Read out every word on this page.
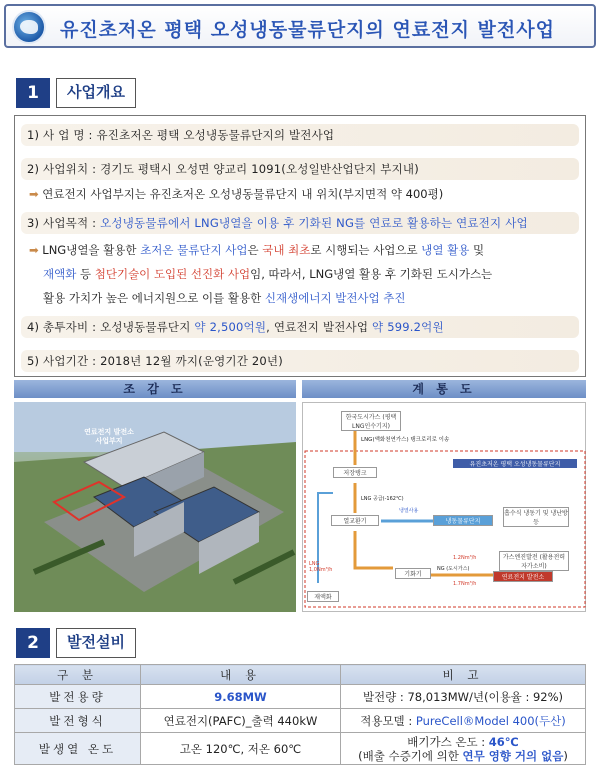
유진초저온 평택 오성냉동물류단지의 연료전지 발전사업
1	사업개요
1) 사 업 명 : 유진초저온 평택 오성냉동물류단지의 발전사업
2) 사업위치 : 경기도 평택시 오성면 양교리 1091(오성일반산업단지 부지내)
➡ 연료전지 사업부지는 유진초저온 오성냉동물류단지 내 위치(부지면적 약 400평)
3) 사업목적 : 오성냉동물류에서 LNG냉열을 이용 후 기화된 NG를 연료로 활용하는 연료전지 사업
➡ LNG냉열을 활용한 초저온 물류단지 사업은 국내 최초로 시행되는 사업으로 냉열 활용 및
재액화 등 첨단기술이 도입된 선진화 사업임, 따라서, LNG냉열 활용 후 기화된 도시가스는
활용 가치가 높은 에너지원으로 이를 활용한 신재생에너지 발전사업 추진
4) 총투자비 : 오성냉동물류단지 약 2,500억원, 연료전지 발전사업 약 599.2억원
5) 사업기간 : 2018년 12월 까지(운영기간 20년)
조 감 도	계 통 도
연료전지 발전소 사업부지
한국도시가스 (평택 LNG인수기지)
LNG(액화천연가스) 탱크로리로 이송
저장탱크
LNG 공급(-162℃)
열교환기
기화기
재액화
냉동물류단지
흡수식 냉동기 및 냉난방 등
가스엔진발전 (활용전력 자가소비)
연료전지 발전소
유진초저온 평택 오성냉동물류단지
냉열사용
NG (도시가스)
1.2Nm³/h
1.7Nm³/h
LNG 1,0Nm³/h
2	발전설비
구 분	내 용	비 고
발전용량	9.68MW	발전량 : 78,013MW/년(이용율 : 92%)
발전형식	연료전지(PAFC)_출력 440kW	적용모델 : PureCell®Model 400(두산)
발생열 온도	고온 120℃, 저온 60℃	배기가스 온도 : 46℃
(배출 수증기에 의한 연무 영향 거의 없음)
